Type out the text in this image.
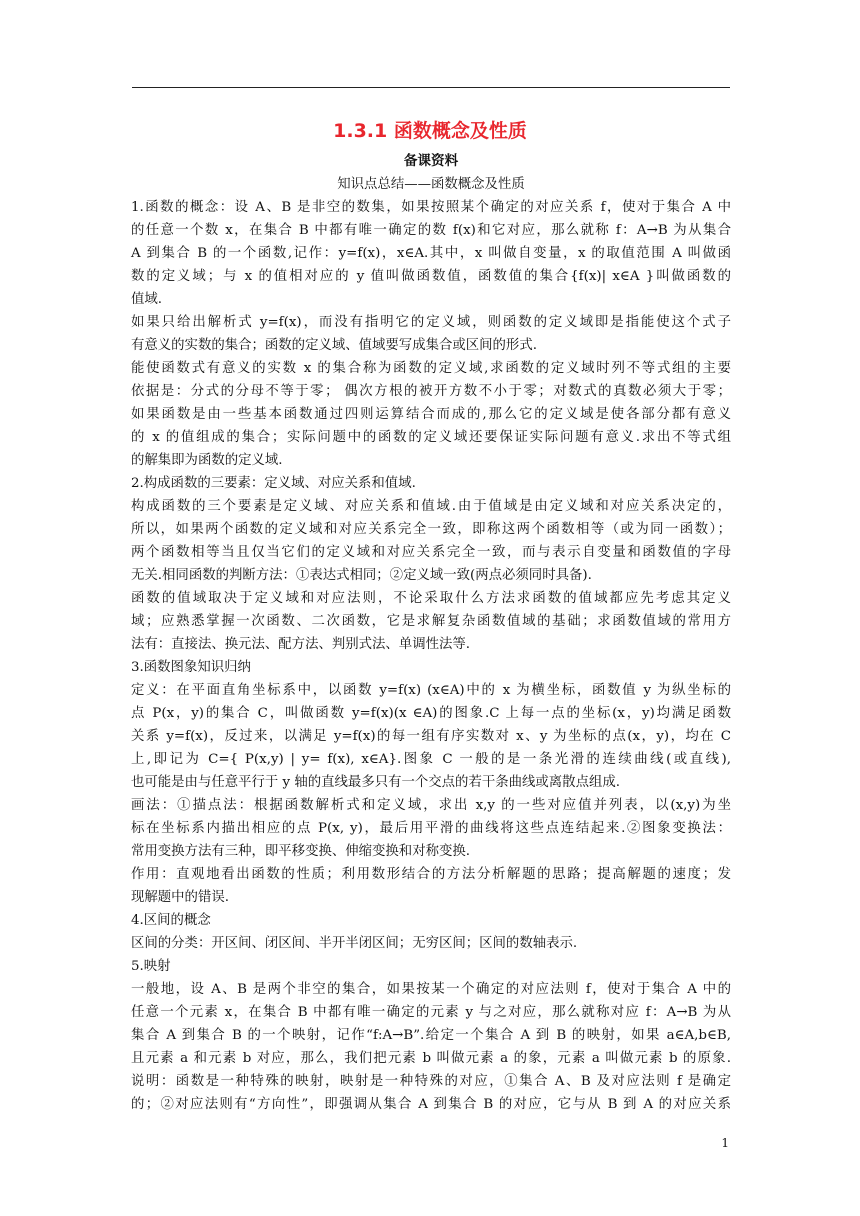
1.3.1 函数概念及性质
备课资料
知识点总结——函数概念及性质
1.函数的概念：设 A、B 是非空的数集，如果按照某个确定的对应关系 f，使对于集合 A 中
的任意一个数 x，在集合 B 中都有唯一确定的数 f(x)和它对应，那么就称 f：A→B 为从集合
A 到集合 B 的一个函数,记作：y=f(x)，x∈A.其中，x 叫做自变量，x 的取值范围 A 叫做函
数的定义域；与 x 的值相对应的 y 值叫做函数值，函数值的集合{f(x)| x∈A }叫做函数的
值域.
如果只给出解析式 y=f(x)，而没有指明它的定义域，则函数的定义域即是指能使这个式子
有意义的实数的集合；函数的定义域、值域要写成集合或区间的形式.
能使函数式有意义的实数 x 的集合称为函数的定义域,求函数的定义域时列不等式组的主要
依据是：分式的分母不等于零； 偶次方根的被开方数不小于零；对数式的真数必须大于零；
如果函数是由一些基本函数通过四则运算结合而成的,那么它的定义域是使各部分都有意义
的 x 的值组成的集合；实际问题中的函数的定义域还要保证实际问题有意义.求出不等式组
的解集即为函数的定义域.
2.构成函数的三要素：定义域、对应关系和值域.
构成函数的三个要素是定义域、对应关系和值域.由于值域是由定义域和对应关系决定的，
所以，如果两个函数的定义域和对应关系完全一致，即称这两个函数相等（或为同一函数）；
两个函数相等当且仅当它们的定义域和对应关系完全一致，而与表示自变量和函数值的字母
无关.相同函数的判断方法：①表达式相同；②定义域一致(两点必须同时具备).
函数的值域取决于定义域和对应法则，不论采取什么方法求函数的值域都应先考虑其定义
域；应熟悉掌握一次函数、二次函数，它是求解复杂函数值域的基础；求函数值域的常用方
法有：直接法、换元法、配方法、判别式法、单调性法等.
3.函数图象知识归纳
定义：在平面直角坐标系中，以函数 y=f(x) (x∈A)中的 x 为横坐标，函数值 y 为纵坐标的
点 P(x，y)的集合 C，叫做函数 y=f(x)(x ∈A)的图象.C 上每一点的坐标(x，y)均满足函数
关系 y=f(x)，反过来，以满足 y=f(x)的每一组有序实数对 x、y 为坐标的点(x，y)，均在 C
上,即记为 C={ P(x,y) | y= f(x), x∈A}.图象 C 一般的是一条光滑的连续曲线(或直线),
也可能是由与任意平行于 y 轴的直线最多只有一个交点的若干条曲线或离散点组成.
画法：①描点法：根据函数解析式和定义域，求出 x,y 的一些对应值并列表，以(x,y)为坐
标在坐标系内描出相应的点 P(x, y)，最后用平滑的曲线将这些点连结起来.②图象变换法：
常用变换方法有三种，即平移变换、伸缩变换和对称变换.
作用：直观地看出函数的性质；利用数形结合的方法分析解题的思路；提高解题的速度；发
现解题中的错误.
4.区间的概念
区间的分类：开区间、闭区间、半开半闭区间；无穷区间；区间的数轴表示.
5.映射
一般地，设 A、B 是两个非空的集合，如果按某一个确定的对应法则 f，使对于集合 A 中的
任意一个元素 x，在集合 B 中都有唯一确定的元素 y 与之对应，那么就称对应 f：A→B 为从
集合 A 到集合 B 的一个映射，记作“f:A→B”.给定一个集合 A 到 B 的映射，如果 a∈A,b∈B,
且元素 a 和元素 b 对应，那么，我们把元素 b 叫做元素 a 的象，元素 a 叫做元素 b 的原象.
说明：函数是一种特殊的映射，映射是一种特殊的对应，①集合 A、B 及对应法则 f 是确定
的；②对应法则有“方向性”，即强调从集合 A 到集合 B 的对应，它与从 B 到 A 的对应关系
1
